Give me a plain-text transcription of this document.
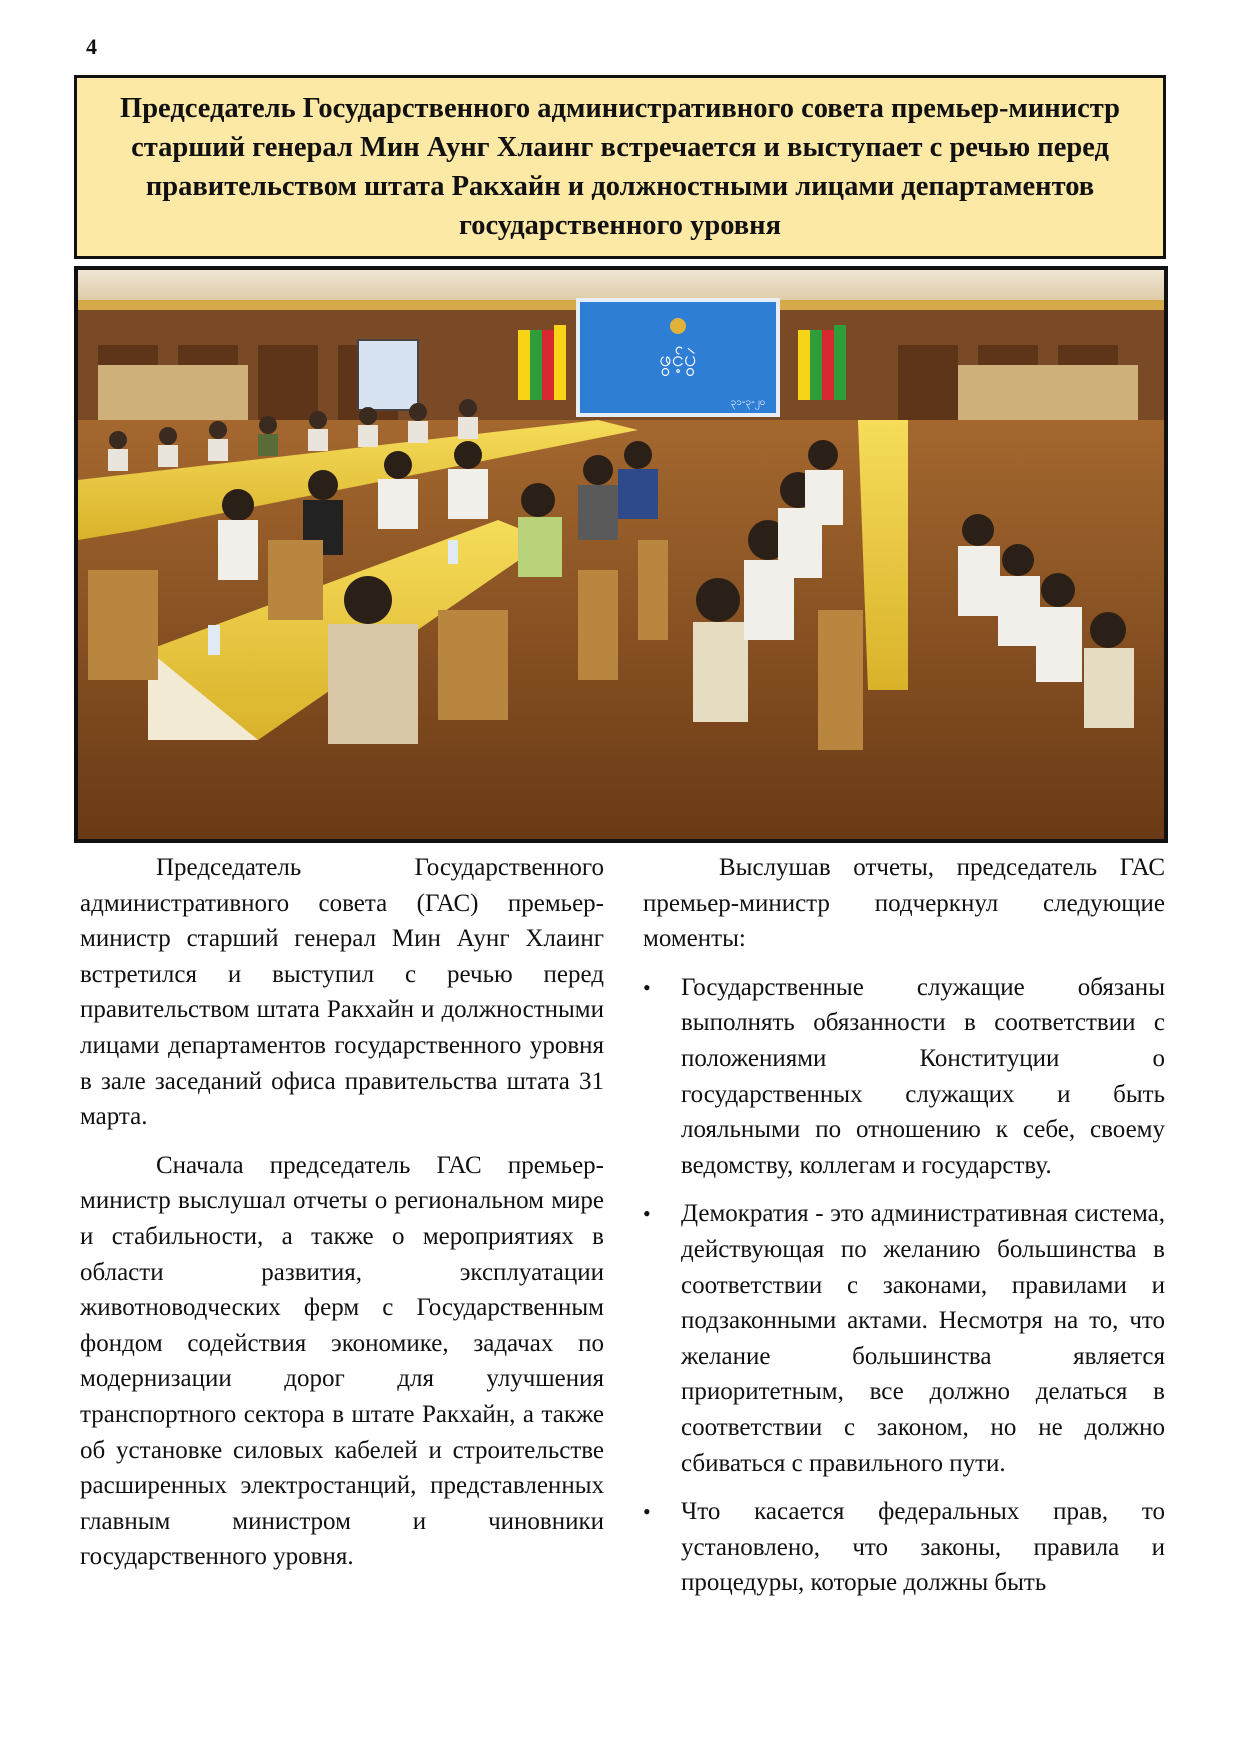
4
Председатель Государственного административного совета премьер-министр старший генерал Мин Аунг Хлаинг встречается и выступает с речью перед правительством штата Ракхайн и должностными лицами департаментов государственного уровня
ဖွင့်ပွဲ
၃၁-၃-၂၀

Председатель Государственного административного совета (ГАС) премьер-министр старший генерал Мин Аунг Хлаинг встретился и выступил с речью перед правительством штата Ракхайн и должностными лицами департаментов государственного уровня в зале заседаний офиса правительства штата 31 марта.

Сначала председатель ГАС премьер-министр выслушал отчеты о региональном мире и стабильности, а также о мероприятиях в области развития, эксплуатации животноводческих ферм с Государственным фондом содействия экономике, задачах по модернизации дорог для улучшения транспортного сектора в штате Ракхайн, а также об установке силовых кабелей и строительстве расширенных электростанций, представленных главным министром и чиновники государственного уровня.

Выслушав отчеты, председатель ГАС премьер-министр подчеркнул следующие моменты:

•	Государственные служащие обязаны выполнять обязанности в соответствии с положениями Конституции о государственных служащих и быть лояльными по отношению к себе, своему ведомству, коллегам и государству.
•	Демократия - это административная система, действующая по желанию большинства в соответствии с законами, правилами и подзаконными актами. Несмотря на то, что желание большинства является приоритетным, все должно делаться в соответствии с законом, но не должно сбиваться с правильного пути.
•	Что касается федеральных прав, то установлено, что законы, правила и процедуры, которые должны быть
